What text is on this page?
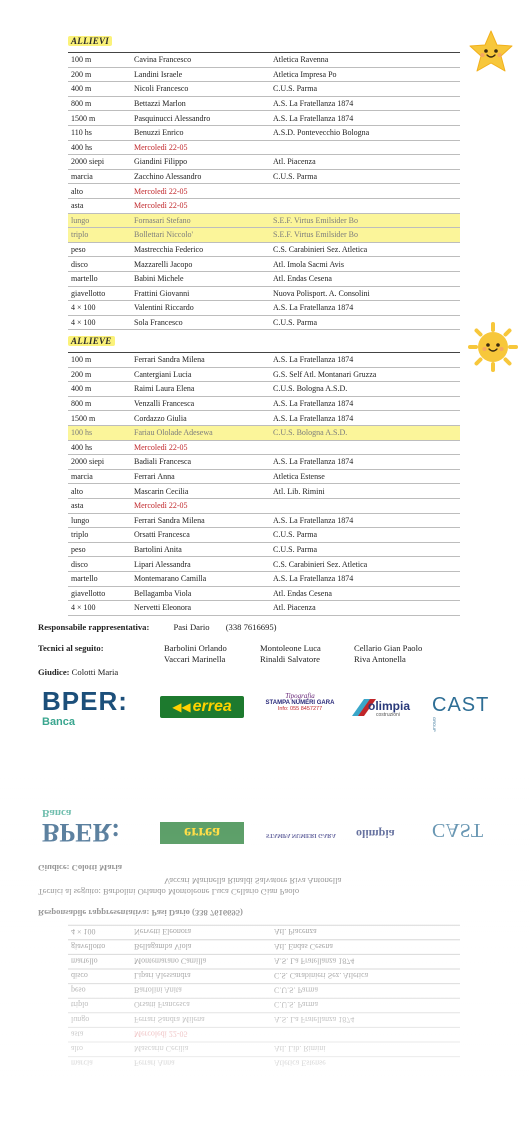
ALLIEVI
100 m	Cavina Francesco	Atletica Ravenna
200 m	Landini Israele	Atletica Impresa Po
400 m	Nicoli Francesco	C.U.S. Parma
800 m	Bettazzi Marlon	A.S. La Fratellanza 1874
1500 m	Pasquinucci Alessandro	A.S. La Fratellanza 1874
110 hs	Benuzzi Enrico	A.S.D. Pontevecchio Bologna
400 hs	Mercoledì 22-05	
2000 siepi	Giandini Filippo	Atl. Piacenza
marcia	Zacchino Alessandro	C.U.S. Parma
alto	Mercoledì 22-05	
asta	Mercoledì 22-05	
lungo	Fornasari Stefano	S.E.F. Virtus Emilsider Bo
triplo	Bollettari Niccolo'	S.E.F. Virtus Emilsider Bo
peso	Mastrecchia Federico	C.S. Carabinieri Sez. Atletica
disco	Mazzarelli Jacopo	Atl. Imola Sacmi Avis
martello	Babini Michele	Atl. Endas Cesena
giavellotto	Frattini Giovanni	Nuova Polisport. A. Consolini
4 × 100	Valentini Riccardo	A.S. La Fratellanza 1874
4 × 100	Sola Francesco	C.U.S. Parma
ALLIEVE
100 m	Ferrari Sandra Milena	A.S. La Fratellanza 1874
200 m	Cantergiani Lucia	G.S. Self Atl. Montanari Gruzza
400 m	Raimi Laura Elena	C.U.S. Bologna A.S.D.
800 m	Venzalli Francesca	A.S. La Fratellanza 1874
1500 m	Cordazzo Giulia	A.S. La Fratellanza 1874
100 hs	Fariau Ololade Adesewa	C.U.S. Bologna A.S.D.
400 hs	Mercoledì 22-05	
2000 siepi	Badiali Francesca	A.S. La Fratellanza 1874
marcia	Ferrari Anna	Atletica Estense
alto	Mascarin Cecilia	Atl. Lib. Rimini
asta	Mercoledì 22-05	
lungo	Ferrari Sandra Milena	A.S. La Fratellanza 1874
triplo	Orsatti Francesca	C.U.S. Parma
peso	Bartolini Anita	C.U.S. Parma
disco	Lipari Alessandra	C.S. Carabinieri Sez. Atletica
martello	Montemarano Camilla	A.S. La Fratellanza 1874
giavellotto	Bellagamba Viola	Atl. Endas Cesena
4 × 100	Nervetti Eleonora	Atl. Piacenza
Responsabile rappresentativa:	Pasi Dario (338 7616695)
Tecnici al seguito:	Barbolini Orlando	Montoleone Luca	Cellario Gian Paolo
Vaccari Marinella	Rinaldi Salvatore	Riva Antonella
Giudice: Colotti Maria
BPER:
Banca
◀◀ errea
Tipografia
STAMPA NUMERI GARA
Info: 055 8457277	olimpia
costruzioni CAST GROUP
